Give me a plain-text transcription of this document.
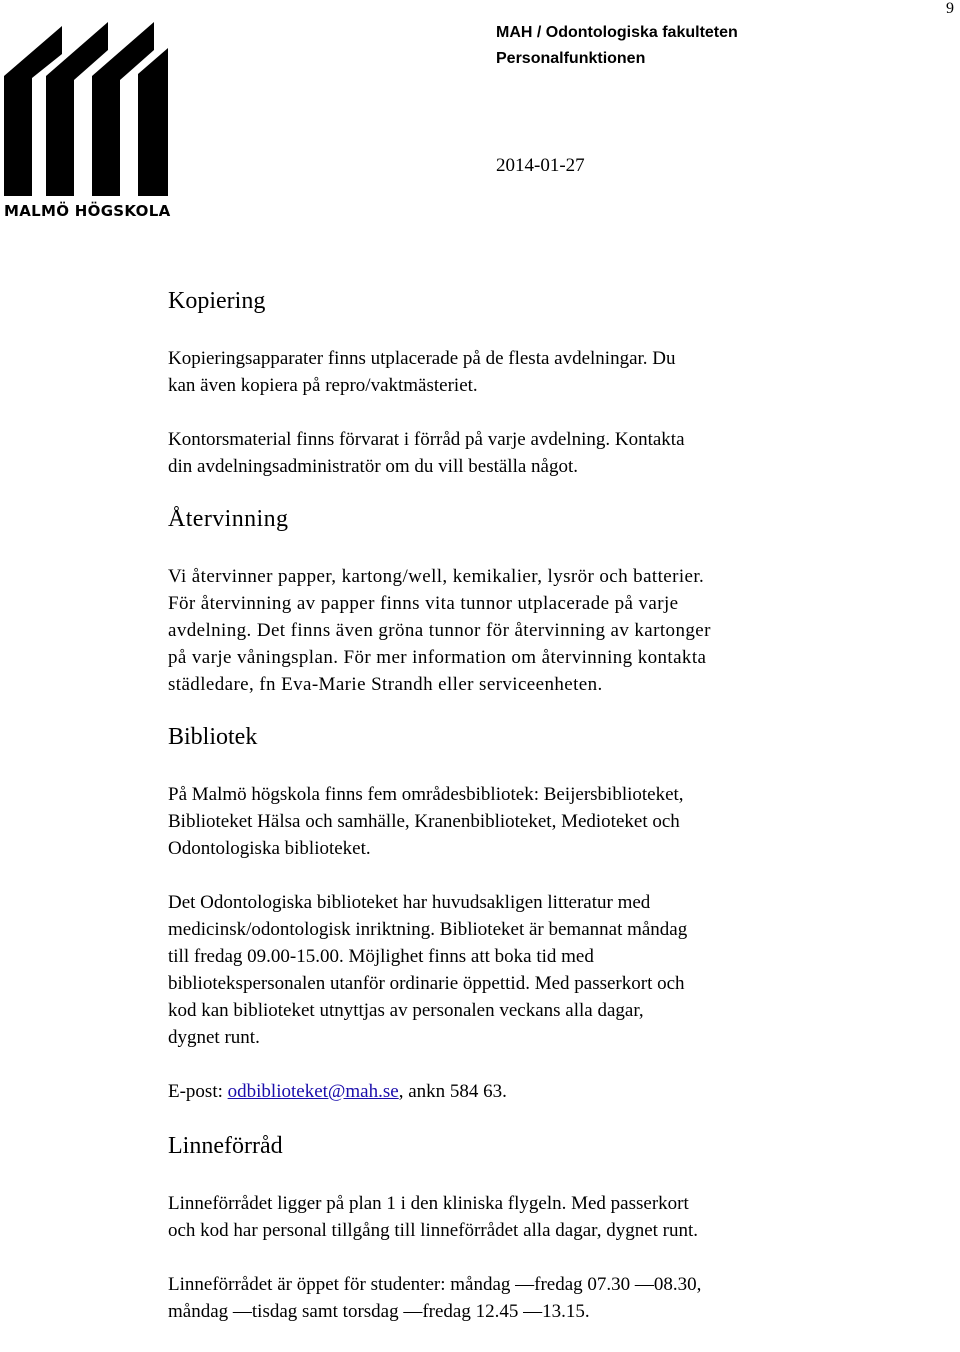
9
MALMÖ HÖGSKOLA
MAH / Odontologiska fakulteten
Personalfunktionen
2014-01-27
Kopiering

Kopieringsapparater finns utplacerade på de flesta avdelningar. Du

kan även kopiera på repro/vaktmästeriet.

Kontorsmaterial finns förvarat i förråd på varje avdelning. Kontakta

din avdelningsadministratör om du vill beställa något.

Återvinning

Vi återvinner papper, kartong/well, kemikalier, lysrör och batterier.

För återvinning av papper finns vita tunnor utplacerade på varje

avdelning. Det finns även gröna tunnor för återvinning av kartonger

på varje våningsplan. För mer information om återvinning kontakta

städledare, fn Eva-Marie Strandh eller serviceenheten.

Bibliotek

På Malmö högskola finns fem områdesbibliotek: Beijersbiblioteket,

Biblioteket Hälsa och samhälle, Kranenbiblioteket, Medioteket och

Odontologiska biblioteket.

Det Odontologiska biblioteket har huvudsakligen litteratur med

medicinsk/odontologisk inriktning. Biblioteket är bemannat måndag

till fredag 09.00-15.00. Möjlighet finns att boka tid med

bibliotekspersonalen utanför ordinarie öppettid. Med passerkort och

kod kan biblioteket utnyttjas av personalen veckans alla dagar,

dygnet runt.

E-post: odbiblioteket@mah.se, ankn 584 63.

Linneförråd

Linneförrådet ligger på plan 1 i den kliniska flygeln. Med passerkort

och kod har personal tillgång till linneförrådet alla dagar, dygnet runt.

Linneförrådet är öppet för studenter: måndag —fredag 07.30 —08.30,

måndag —tisdag samt torsdag —fredag 12.45 —13.15.
